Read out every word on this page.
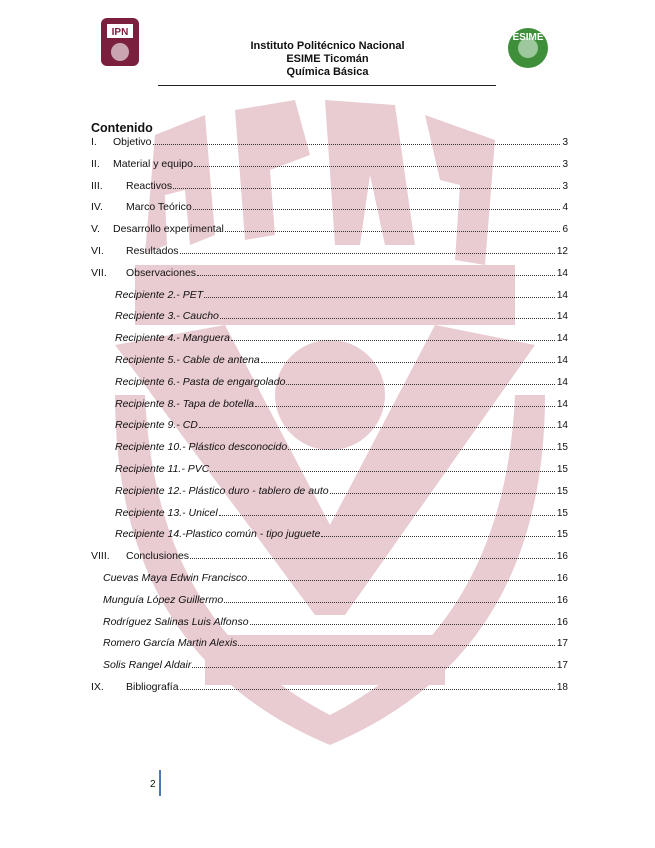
IPN	ESIME
Instituto Politécnico Nacional
ESIME Ticomán
Química Básica
Contenido
I.	Objetivo	3
II.	Material y equipo	3
III.	Reactivos	3
IV.	Marco Teórico	4
V.	Desarrollo experimental	6
VI.	Resultados	12
VII.	Observaciones	14
Recipiente 2.- PET	14
Recipiente 3.- Caucho	14
Recipiente 4.- Manguera	14
Recipiente 5.- Cable de antena	14
Recipiente 6.- Pasta de engargolado	14
Recipiente 8.- Tapa de botella	14
Recipiente 9.- CD	14
Recipiente 10.- Plástico desconocido	15
Recipiente 11.- PVC	15
Recipiente 12.- Plástico duro - tablero de auto	15
Recipiente 13.- Unicel	15
Recipiente 14.-Plastico común - tipo juguete	15
VIII.	Conclusiones	16
Cuevas Maya Edwin Francisco	16
Munguía López Guillermo	16
Rodríguez Salinas Luis Alfonso	16
Romero García Martin Alexis	17
Solis Rangel Aldair	17
IX.	Bibliografía	18
2
